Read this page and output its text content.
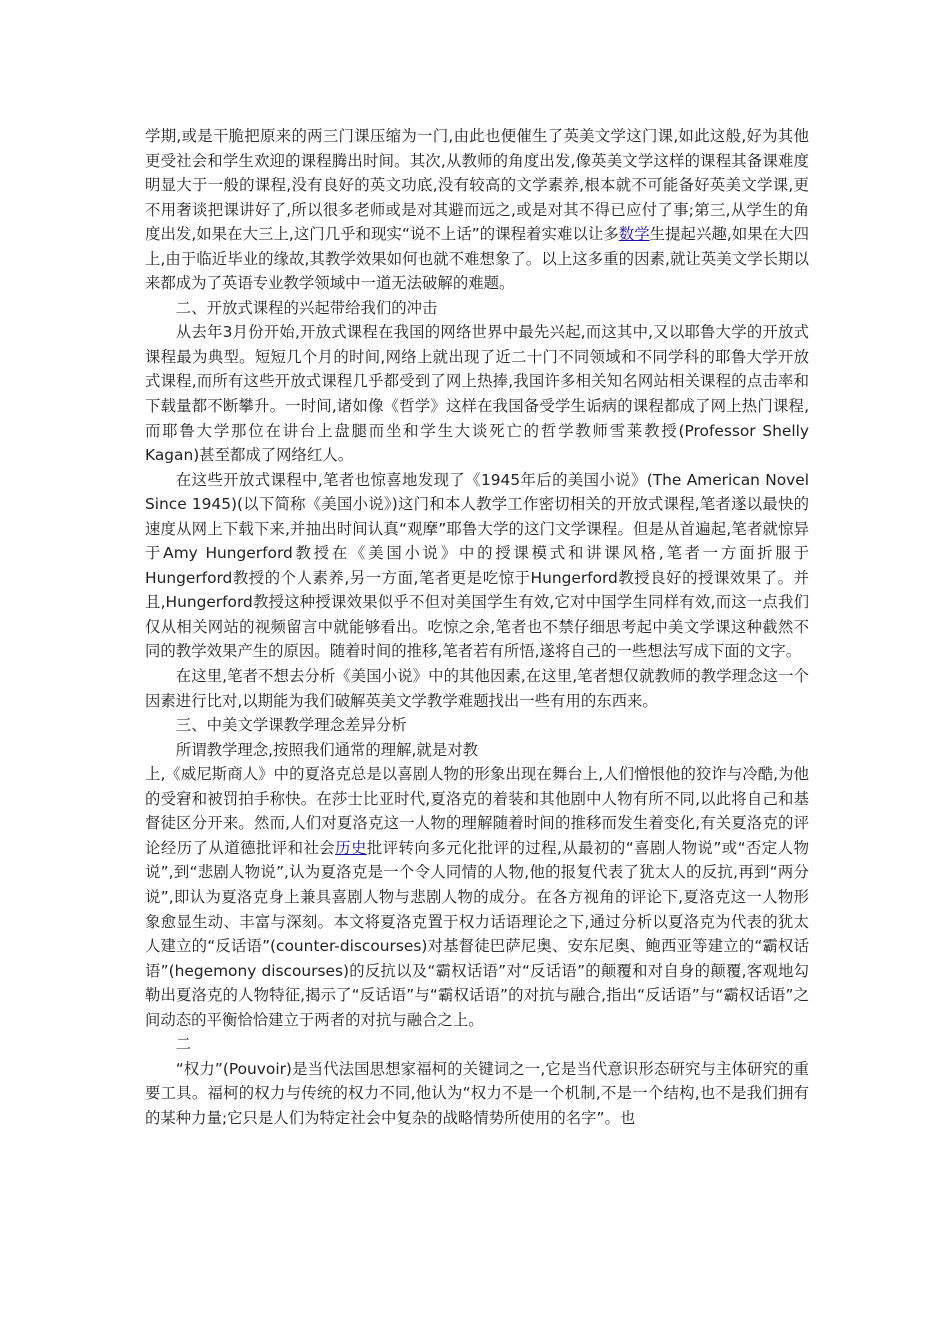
学期,或是干脆把原来的两三门课压缩为一门,由此也便催生了英美文学这门课,如此这般,好为其他更受社会和学生欢迎的课程腾出时间。其次,从教师的角度出发,像英美文学这样的课程其备课难度明显大于一般的课程,没有良好的英文功底,没有较高的文学素养,根本就不可能备好英美文学课,更不用奢谈把课讲好了,所以很多老师或是对其避而远之,或是对其不得已应付了事;第三,从学生的角度出发,如果在大三上,这门几乎和现实“说不上话”的课程着实难以让多数学生提起兴趣,如果在大四上,由于临近毕业的缘故,其教学效果如何也就不难想象了。以上这多重的因素,就让英美文学长期以来都成为了英语专业教学领域中一道无法破解的难题。

二、开放式课程的兴起带给我们的冲击

从去年3月份开始,开放式课程在我国的网络世界中最先兴起,而这其中,又以耶鲁大学的开放式课程最为典型。短短几个月的时间,网络上就出现了近二十门不同领域和不同学科的耶鲁大学开放式课程,而所有这些开放式课程几乎都受到了网上热捧,我国许多相关知名网站相关课程的点击率和下载量都不断攀升。一时间,诸如像《哲学》这样在我国备受学生诟病的课程都成了网上热门课程,而耶鲁大学那位在讲台上盘腿而坐和学生大谈死亡的哲学教师雪莱教授(Professor Shelly Kagan)甚至都成了网络红人。

在这些开放式课程中,笔者也惊喜地发现了《1945年后的美国小说》(The American Novel Since 1945)(以下简称《美国小说》)这门和本人教学工作密切相关的开放式课程,笔者遂以最快的速度从网上下载下来,并抽出时间认真“观摩”耶鲁大学的这门文学课程。但是从首遍起,笔者就惊异于Amy Hungerford教授在《美国小说》中的授课模式和讲课风格,笔者一方面折服于Hungerford教授的个人素养,另一方面,笔者更是吃惊于Hungerford教授良好的授课效果了。并且,Hungerford教授这种授课效果似乎不但对美国学生有效,它对中国学生同样有效,而这一点我们仅从相关网站的视频留言中就能够看出。吃惊之余,笔者也不禁仔细思考起中美文学课这种截然不同的教学效果产生的原因。随着时间的推移,笔者若有所悟,遂将自己的一些想法写成下面的文字。

在这里,笔者不想去分析《美国小说》中的其他因素,在这里,笔者想仅就教师的教学理念这一个因素进行比对,以期能为我们破解英美文学教学难题找出一些有用的东西来。

三、中美文学课教学理念差异分析

所谓教学理念,按照我们通常的理解,就是对教

上,《威尼斯商人》中的夏洛克总是以喜剧人物的形象出现在舞台上,人们憎恨他的狡诈与冷酷,为他的受窘和被罚拍手称快。在莎士比亚时代,夏洛克的着装和其他剧中人物有所不同,以此将自己和基督徒区分开来。然而,人们对夏洛克这一人物的理解随着时间的推移而发生着变化,有关夏洛克的评论经历了从道德批评和社会历史批评转向多元化批评的过程,从最初的“喜剧人物说”或“否定人物说”,到“悲剧人物说”,认为夏洛克是一个令人同情的人物,他的报复代表了犹太人的反抗,再到“两分说”,即认为夏洛克身上兼具喜剧人物与悲剧人物的成分。在各方视角的评论下,夏洛克这一人物形象愈显生动、丰富与深刻。本文将夏洛克置于权力话语理论之下,通过分析以夏洛克为代表的犹太人建立的“反话语”(counter-discourses)对基督徒巴萨尼奥、安东尼奥、鲍西亚等建立的“霸权话语”(hegemony discourses)的反抗以及“霸权话语”对“反话语”的颠覆和对自身的颠覆,客观地勾勒出夏洛克的人物特征,揭示了“反话语”与“霸权话语”的对抗与融合,指出“反话语”与“霸权话语”之间动态的平衡恰恰建立于两者的对抗与融合之上。

二

“权力”(Pouvoir)是当代法国思想家福柯的关键词之一,它是当代意识形态研究与主体研究的重要工具。福柯的权力与传统的权力不同,他认为“权力不是一个机制,不是一个结构,也不是我们拥有的某种力量;它只是人们为特定社会中复杂的战略情势所使用的名字”。也
